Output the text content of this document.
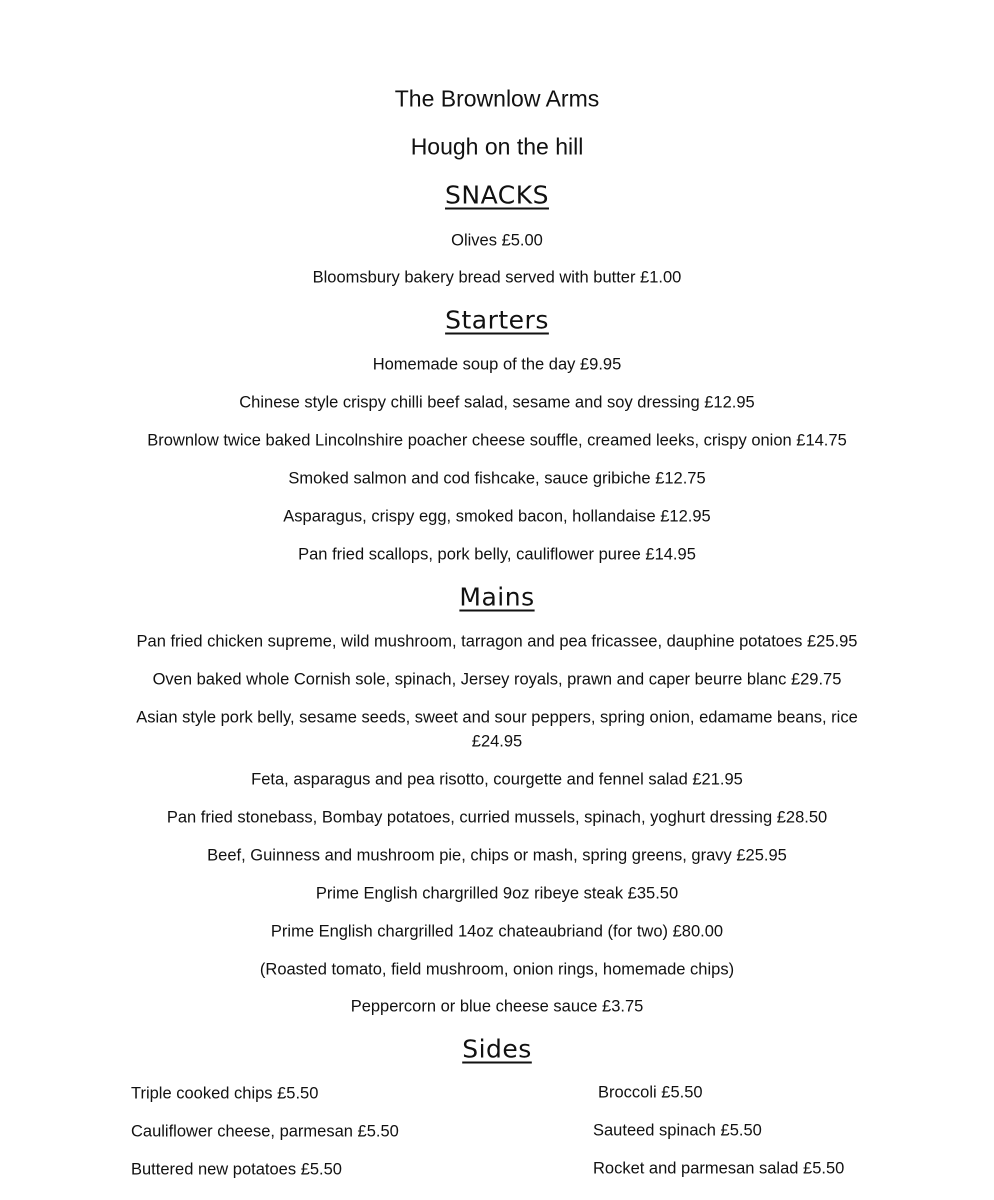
The Brownlow Arms
Hough on the hill
SNACKS
Olives £5.00
Bloomsbury bakery bread served with butter £1.00
Starters
Homemade soup of the day £9.95
Chinese style crispy chilli beef salad, sesame and soy dressing £12.95
Brownlow twice baked Lincolnshire poacher cheese souffle, creamed leeks, crispy onion £14.75
Smoked salmon and cod fishcake, sauce gribiche £12.75
Asparagus, crispy egg, smoked bacon, hollandaise £12.95
Pan fried scallops, pork belly, cauliflower puree £14.95
Mains
Pan fried chicken supreme, wild mushroom, tarragon and pea fricassee, dauphine potatoes £25.95
Oven baked whole Cornish sole, spinach, Jersey royals, prawn and caper beurre blanc £29.75
Asian style pork belly, sesame seeds, sweet and sour peppers, spring onion, edamame beans, rice
£24.95
Feta, asparagus and pea risotto, courgette and fennel salad £21.95
Pan fried stonebass, Bombay potatoes, curried mussels, spinach, yoghurt dressing £28.50
Beef, Guinness and mushroom pie, chips or mash, spring greens, gravy £25.95
Prime English chargrilled 9oz ribeye steak £35.50
Prime English chargrilled 14oz chateaubriand (for two) £80.00
(Roasted tomato, field mushroom, onion rings, homemade chips)
Peppercorn or blue cheese sauce £3.75
Sides
Triple cooked chips £5.50
Cauliflower cheese, parmesan £5.50
Buttered new potatoes £5.50
Broccoli £5.50
Sauteed spinach £5.50
Rocket and parmesan salad £5.50
